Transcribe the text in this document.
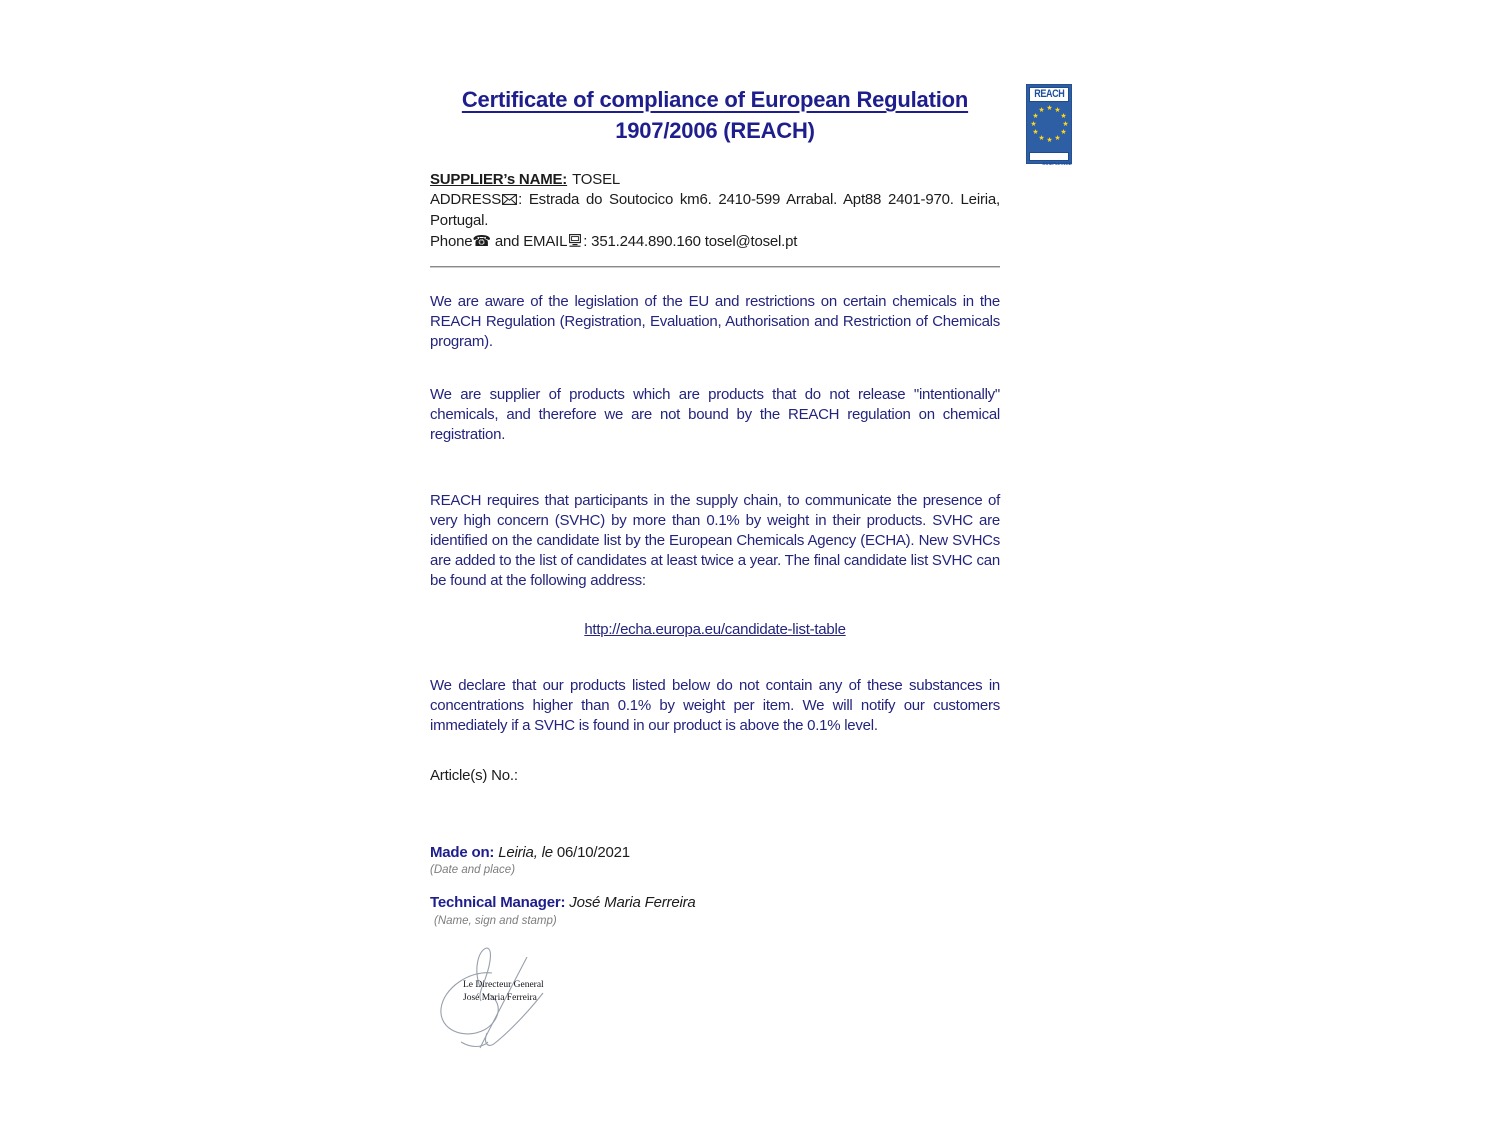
Certificate of compliance of European Regulation
1907/2006 (REACH)
REACH
★ ★
★
★
★
★
★
★
★
★
★
★
COMPLIANCE
SUPPLIER’s NAME: TOSEL
ADDRESS : Estrada do Soutocico km6. 2410-599 Arrabal. Apt88 2401-970. Leiria, Portugal.
Phone☎ and EMAIL : 351.244.890.160 tosel@tosel.pt
We are aware of the legislation of the EU and restrictions on certain chemicals in the REACH Regulation (Registration, Evaluation, Authorisation and Restriction of Chemicals program).
We are supplier of products which are products that do not release "intentionally" chemicals, and therefore we are not bound by the REACH regulation on chemical registration.
REACH requires that participants in the supply chain, to communicate the presence of very high concern (SVHC) by more than 0.1% by weight in their products. SVHC are identified on the candidate list by the European Chemicals Agency (ECHA). New SVHCs are added to the list of candidates at least twice a year. The final candidate list SVHC can be found at the following address:
http://echa.europa.eu/candidate-list-table
We declare that our products listed below do not contain any of these substances in concentrations higher than 0.1% by weight per item. We will notify our customers immediately if a SVHC is found in our product is above the 0.1% level.
Article(s) No.:
Made on: Leiria, le 06/10/2021
(Date and place)
Technical Manager: José Maria Ferreira
(Name, sign and stamp)
Le Directeur General
José Maria Ferreira
